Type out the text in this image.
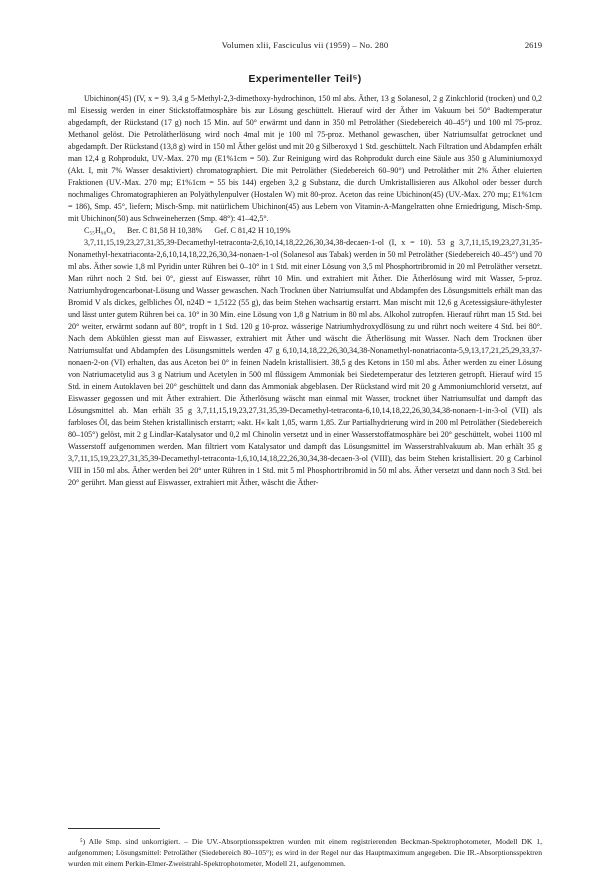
Volumen xlii, Fasciculus vii (1959) – No. 280	2619
Experimenteller Teil⁵)

Ubichinon(45) (IV, x = 9). 3,4 g 5-Methyl-2,3-dimethoxy-hydrochinon, 150 ml abs. Äther, 13 g Solanesol, 2 g Zinkchlorid (trocken) und 0,2 ml Eisessig werden in einer Stickstoffatmosphäre bis zur Lösung geschüttelt. Hierauf wird der Äther im Vakuum bei 50° Badtemperatur abgedampft, der Rückstand (17 g) noch 15 Min. auf 50° erwärmt und dann in 350 ml Petroläther (Siedebereich 40–45°) und 100 ml 75-proz. Methanol gelöst. Die Petrolätherlösung wird noch 4mal mit je 100 ml 75-proz. Methanol gewaschen, über Natriumsulfat getrocknet und abgedampft. Der Rückstand (13,8 g) wird in 150 ml Äther gelöst und mit 20 g Silberoxyd 1 Std. geschüttelt. Nach Filtration und Abdampfen erhält man 12,4 g Rohprodukt, UV.-Max. 270 mμ (E1%1cm = 50). Zur Reinigung wird das Rohprodukt durch eine Säule aus 350 g Aluminiumoxyd (Akt. I, mit 7% Wasser desaktiviert) chromatographiert. Die mit Petroläther (Siedebereich 60–90°) und Petroläther mit 2% Äther eluierten Fraktionen (UV.-Max. 270 mμ; E1%1cm = 55 bis 144) ergeben 3,2 g Substanz, die durch Umkristallisieren aus Alkohol oder besser durch nochmaliges Chromatographieren an Polyäthylenpulver (Hostalen W) mit 80-proz. Aceton das reine Ubichinon(45) (UV.-Max. 270 mμ; E1%1cm = 186), Smp. 45°, liefern; Misch-Smp. mit natürlichem Ubichinon(45) aus Lebern von Vitamin-A-Mangelratten ohne Erniedrigung, Misch-Smp. mit Ubichinon(50) aus Schweineherzen (Smp. 48°): 41–42,5°.

C₅₅H₉₀O₄ Ber. C 81,58 H 10,38% Gef. C 81,42 H 10,19%

3,7,11,15,19,23,27,31,35,39-Decamethyl-tetraconta-2,6,10,14,18,22,26,30,34,38-decaen-1-ol (I, x = 10). 53 g 3,7,11,15,19,23,27,31,35-Nonamethyl-hexatriaconta-2,6,10,14,18,22,26,30,34-nonaen-1-ol (Solanesol aus Tabak) werden in 50 ml Petroläther (Siedebereich 40–45°) und 70 ml abs. Äther sowie 1,8 ml Pyridin unter Rühren bei 0–10° in 1 Std. mit einer Lösung von 3,5 ml Phosphortribromid in 20 ml Petroläther versetzt. Man rührt noch 2 Std. bei 0°, giesst auf Eiswasser, rührt 10 Min. und extrahiert mit Äther. Die Ätherlösung wird mit Wasser, 5-proz. Natriumhydrogencarbonat-Lösung und Wasser gewaschen. Nach Trocknen über Natriumsulfat und Abdampfen des Lösungsmittels erhält man das Bromid V als dickes, gelbliches Öl, n24D = 1,5122 (55 g), das beim Stehen wachsartig erstarrt. Man mischt mit 12,6 g Acetessigsäure-äthylester und lässt unter gutem Rühren bei ca. 10° in 30 Min. eine Lösung von 1,8 g Natrium in 80 ml abs. Alkohol zutropfen. Hierauf rührt man 15 Std. bei 20° weiter, erwärmt sodann auf 80°, tropft in 1 Std. 120 g 10-proz. wässerige Natriumhydroxydlösung zu und rührt noch weitere 4 Std. bei 80°. Nach dem Abkühlen giesst man auf Eiswasser, extrahiert mit Äther und wäscht die Ätherlösung mit Wasser. Nach dem Trocknen über Natriumsulfat und Abdampfen des Lösungsmittels werden 47 g 6,10,14,18,22,26,30,34,38-Nonamethyl-nonatriaconta-5,9,13,17,21,25,29,33,37-nonaen-2-on (VI) erhalten, das aus Aceton bei 0° in feinen Nadeln kristallisiert. 38,5 g des Ketons in 150 ml abs. Äther werden zu einer Lösung von Natriumacetylid aus 3 g Natrium und Acetylen in 500 ml flüssigem Ammoniak bei Siedetemperatur des letzteren getropft. Hierauf wird 15 Std. in einem Autoklaven bei 20° geschüttelt und dann das Ammoniak abgeblasen. Der Rückstand wird mit 20 g Ammoniumchlorid versetzt, auf Eiswasser gegossen und mit Äther extrahiert. Die Ätherlösung wäscht man einmal mit Wasser, trocknet über Natriumsulfat und dampft das Lösungsmittel ab. Man erhält 35 g 3,7,11,15,19,23,27,31,35,39-Decamethyl-tetraconta-6,10,14,18,22,26,30,34,38-nonaen-1-in-3-ol (VII) als farbloses Öl, das beim Stehen kristallinisch erstarrt; »akt. H« kalt 1,05, warm 1,85. Zur Partialhydrierung wird in 200 ml Petroläther (Siedebereich 80–105°) gelöst, mit 2 g Lindlar-Katalysator und 0,2 ml Chinolin versetzt und in einer Wasserstoffatmosphäre bei 20° geschüttelt, wobei 1100 ml Wasserstoff aufgenommen werden. Man filtriert vom Katalysator und dampft das Lösungsmittel im Wasserstrahlvakuum ab. Man erhält 35 g 3,7,11,15,19,23,27,31,35,39-Decamethyl-tetraconta-1,6,10,14,18,22,26,30,34,38-decaen-3-ol (VIII), das beim Stehen kristallisiert. 20 g Carbinol VIII in 150 ml abs. Äther werden bei 20° unter Rühren in 1 Std. mit 5 ml Phosphortribromid in 50 ml abs. Äther versetzt und dann noch 3 Std. bei 20° gerührt. Man giesst auf Eiswasser, extrahiert mit Äther, wäscht die Äther-

⁵) Alle Smp. sind unkorrigiert. – Die UV.-Absorptionsspektren wurden mit einem registrierenden Beckman-Spektrophotometer, Modell DK 1, aufgenommen; Lösungsmittel: Petroläther (Siedebereich 80–105°); es wird in der Regel nur das Hauptmaximum angegeben. Die IR.-Absorptionsspektren wurden mit einem Perkin-Elmer-Zweistrahl-Spektrophotometer, Modell 21, aufgenommen.
